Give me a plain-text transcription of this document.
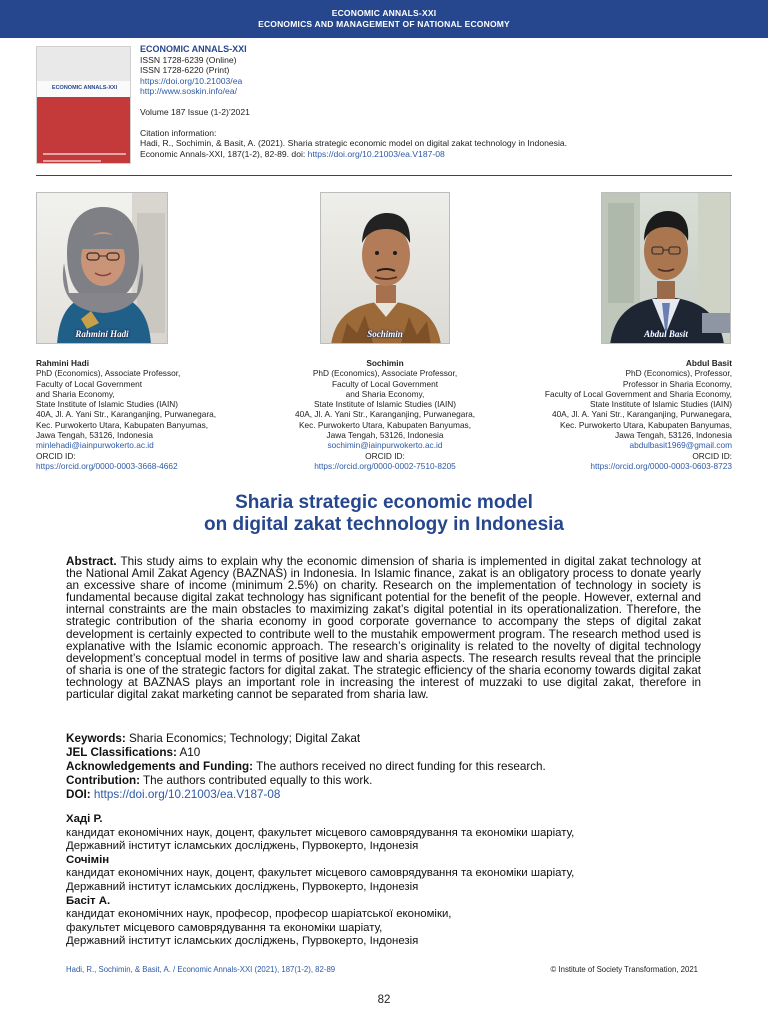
ECONOMIC ANNALS-XXI
ECONOMICS AND MANAGEMENT OF NATIONAL ECONOMY
ECONOMIC ANNALS-XXI
ECONOMIC ANNALS-XXI
ISSN 1728-6239 (Online)
ISSN 1728-6220 (Print)
https://doi.org/10.21003/ea
http://www.soskin.info/ea/
Volume 187 Issue (1-2)’2021
Citation information:
Hadi, R., Sochimin, & Basit, A. (2021). Sharia strategic economic model on digital zakat technology in Indonesia.
Economic Annals-XXI, 187(1-2), 82-89. doi: https://doi.org/10.21003/ea.V187-08
Rahmini Hadi	Sochimin	Abdul Basit
Rahmini Hadi
PhD (Economics), Associate Professor,
Faculty of Local Government
and Sharia Economy,
State Institute of Islamic Studies (IAIN)
40A, Jl. A. Yani Str., Karanganjing, Purwanegara,
Kec. Purwokerto Utara, Kabupaten Banyumas,
Jawa Tengah, 53126, Indonesia
minlehadi@iainpurwokerto.ac.id
ORCID ID:
https://orcid.org/0000-0003-3668-4662
Sochimin
PhD (Economics), Associate Professor,
Faculty of Local Government
and Sharia Economy,
State Institute of Islamic Studies (IAIN)
40A, Jl. A. Yani Str., Karanganjing, Purwanegara,
Kec. Purwokerto Utara, Kabupaten Banyumas,
Jawa Tengah, 53126, Indonesia
sochimin@iainpurwokerto.ac.id
ORCID ID:
https://orcid.org/0000-0002-7510-8205
Abdul Basit
PhD (Economics), Professor,
Professor in Sharia Economy,
Faculty of Local Government and Sharia Economy,
State Institute of Islamic Studies (IAIN)
40A, Jl. A. Yani Str., Karanganjing, Purwanegara,
Kec. Purwokerto Utara, Kabupaten Banyumas,
Jawa Tengah, 53126, Indonesia
abdulbasit1969@gmail.com
ORCID ID:
https://orcid.org/0000-0003-0603-8723
Sharia strategic economic model
on digital zakat technology in Indonesia
Abstract. This study aims to explain why the economic dimension of sharia is implemented in digital zakat technology at the National Amil Zakat Agency (BAZNAS) in Indonesia. In Islamic finance, zakat is an obligatory process to donate yearly an excessive share of income (minimum 2.5%) on charity. Research on the implementation of technology in society is fundamental because digital zakat technology has significant potential for the benefit of the people. However, external and internal constraints are the main obstacles to maximizing zakat’s digital potential in its operationalization. Therefore, the strategic contribution of the sharia economy in good corporate governance to accompany the steps of digital zakat development is certainly expected to contribute well to the mustahik empowerment program. The research method used is explanative with the Islamic economic approach. The research’s originality is related to the novelty of digital technology development’s conceptual model in terms of positive law and sharia aspects. The research results reveal that the principle of sharia is one of the strategic factors for digital zakat. The strategic efficiency of the sharia economy towards digital zakat technology at BAZNAS plays an important role in increasing the interest of muzzaki to use digital zakat, therefore in particular digital zakat marketing cannot be separated from sharia law.
Keywords: Sharia Economics; Technology; Digital Zakat
JEL Classifications: A10
Acknowledgements and Funding: The authors received no direct funding for this research.
Contribution: The authors contributed equally to this work.
DOI: https://doi.org/10.21003/ea.V187-08
Хаді Р.
кандидат економічних наук, доцент, факультет місцевого самоврядування та економіки шаріату,
Державний інститут ісламських досліджень, Пурвокерто, Індонезія
Сочімін
кандидат економічних наук, доцент, факультет місцевого самоврядування та економіки шаріату,
Державний інститут ісламських досліджень, Пурвокерто, Індонезія
Басіт А.
кандидат економічних наук, професор, професор шаріатської економіки,
факультет місцевого самоврядування та економіки шаріату,
Державний інститут ісламських досліджень, Пурвокерто, Індонезія
Hadi, R., Sochimin, & Basit, A. / Economic Annals-XXI (2021), 187(1-2), 82-89	© Institute of Society Transformation, 2021
82
